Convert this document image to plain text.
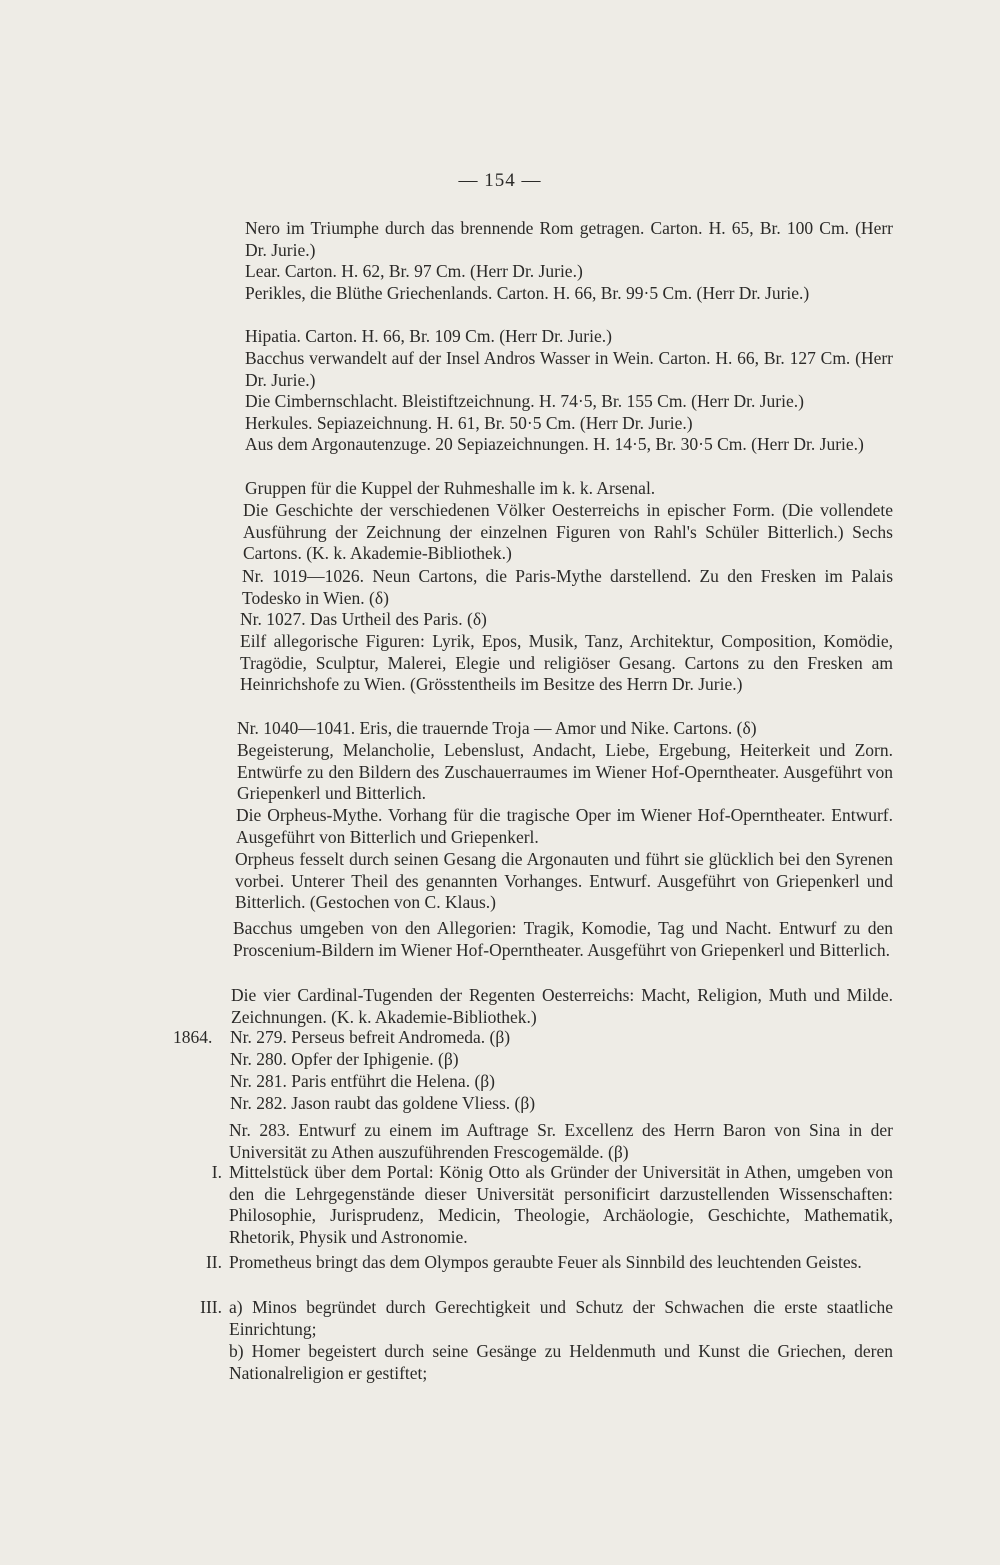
— 154 —
Nero im Triumphe durch das brennende Rom getragen. Carton. H. 65, Br. 100 Cm. (Herr Dr. Jurie.)
Lear. Carton. H. 62, Br. 97 Cm. (Herr Dr. Jurie.)
Perikles, die Blüthe Griechenlands. Carton. H. 66, Br. 99·5 Cm. (Herr Dr. Jurie.)
Hipatia. Carton. H. 66, Br. 109 Cm. (Herr Dr. Jurie.)
Bacchus verwandelt auf der Insel Andros Wasser in Wein. Carton. H. 66, Br. 127 Cm. (Herr Dr. Jurie.)
Die Cimbernschlacht. Bleistiftzeichnung. H. 74·5, Br. 155 Cm. (Herr Dr. Jurie.)
Herkules. Sepiazeichnung. H. 61, Br. 50·5 Cm. (Herr Dr. Jurie.)
Aus dem Argonautenzuge. 20 Sepiazeichnungen. H. 14·5, Br. 30·5 Cm. (Herr Dr. Jurie.)
Gruppen für die Kuppel der Ruhmeshalle im k. k. Arsenal.
Die Geschichte der verschiedenen Völker Oesterreichs in epischer Form. (Die vollendete Ausführung der Zeichnung der einzelnen Figuren von Rahl's Schüler Bitterlich.) Sechs Cartons. (K. k. Akademie-Bibliothek.)
Nr. 1019—1026. Neun Cartons, die Paris-Mythe darstellend. Zu den Fresken im Palais Todesko in Wien. (δ)
Nr. 1027. Das Urtheil des Paris. (δ)
Eilf allegorische Figuren: Lyrik, Epos, Musik, Tanz, Architektur, Composition, Komödie, Tragödie, Sculptur, Malerei, Elegie und religiöser Gesang. Cartons zu den Fresken am Heinrichshofe zu Wien. (Grösstentheils im Besitze des Herrn Dr. Jurie.)
Nr. 1040—1041. Eris, die trauernde Troja — Amor und Nike. Cartons. (δ)
Begeisterung, Melancholie, Lebenslust, Andacht, Liebe, Ergebung, Heiterkeit und Zorn. Entwürfe zu den Bildern des Zuschauerraumes im Wiener Hof-Operntheater. Ausgeführt von Griepenkerl und Bitterlich.
Die Orpheus-Mythe. Vorhang für die tragische Oper im Wiener Hof-Operntheater. Entwurf. Ausgeführt von Bitterlich und Griepenkerl.
Orpheus fesselt durch seinen Gesang die Argonauten und führt sie glücklich bei den Syrenen vorbei. Unterer Theil des genannten Vorhanges. Entwurf. Ausgeführt von Griepenkerl und Bitterlich. (Gestochen von C. Klaus.)
Bacchus umgeben von den Allegorien: Tragik, Komodie, Tag und Nacht. Entwurf zu den Proscenium-Bildern im Wiener Hof-Operntheater. Ausgeführt von Griepenkerl und Bitterlich.
Die vier Cardinal-Tugenden der Regenten Oesterreichs: Macht, Religion, Muth und Milde. Zeichnungen. (K. k. Akademie-Bibliothek.)
1864. Nr. 279. Perseus befreit Andromeda. (β)
Nr. 280. Opfer der Iphigenie. (β)
Nr. 281. Paris entführt die Helena. (β)
Nr. 282. Jason raubt das goldene Vliess. (β)
Nr. 283. Entwurf zu einem im Auftrage Sr. Excellenz des Herrn Baron von Sina in der Universität zu Athen auszuführenden Frescogemälde. (β)
I. Mittelstück über dem Portal: König Otto als Gründer der Universität in Athen, umgeben von den die Lehrgegenstände dieser Universität personificirt darzustellenden Wissenschaften: Philosophie, Jurisprudenz, Medicin, Theologie, Archäologie, Geschichte, Mathematik, Rhetorik, Physik und Astronomie.
II. Prometheus bringt das dem Olympos geraubte Feuer als Sinnbild des leuchtenden Geistes.
III. a) Minos begründet durch Gerechtigkeit und Schutz der Schwachen die erste staatliche Einrichtung;
b) Homer begeistert durch seine Gesänge zu Heldenmuth und Kunst die Griechen, deren Nationalreligion er gestiftet;
